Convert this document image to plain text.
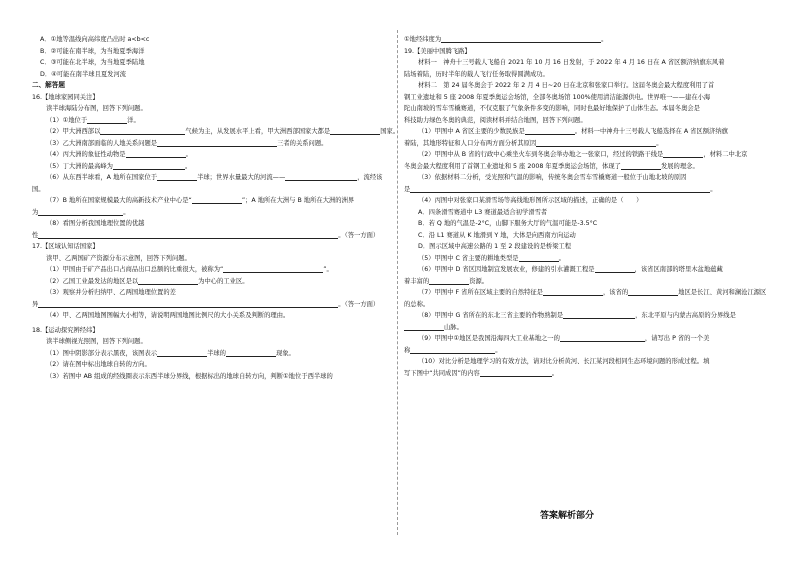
A．①地等温线向高纬度凸出时 a<b<c
B．②可能在南半球，为当地夏季海洋
C．③可能在北半球，为当地夏季陆地
D．④可能在南半球且夏发河流
二、解答题
16.【地球家园同关注】
读半球海陆分布图，回答下列问题。
（1）①地位于	洋。
（2）甲大洲西部以	气候为主，从发展水平上看，甲大洲西部国家大都是	国家。
（3）乙大洲南部面临的人地关系问题是	三者的关系问题。
（4）丙大洲的象征性动物是	。
（5）丁大洲的最高峰为	。
（6）从东西半球看，A 地所在国家位于	半球；世界水量最大的河流——	，流经该
国。
（7）B 地所在国家规模最大的高新技术产业中心是“	”；A 地所在大洲与 B 地所在大洲的洲界
为	。
（8）看图分析我国地理位置的优越
性	。（答一方面）
17.【区域认知话国家】
读甲、乙两国矿产资源分布示意图，回答下列问题。
（1）甲国由于矿产品出口占商品出口总额的比重很大，被称为“	”。
（2）乙国工业最发达的地区是以	为中心的工业区。
（3）观察并分析归纳甲、乙两国地理位置的差
异	。（答一方面）
（4）甲、乙两国地图图幅大小相等，请说明两国地图比例尺的大小关系及判断的理由。
18.【运动探究辨经纬】
读半球侧视光照图，回答下列问题。
（1）图中阴影部分表示黑夜，该图表示	半球的	现象。
（2）请在图中标出地球自转的方向。
（3）若图中 AB 组成的经线圈表示东西半球分界线，根据标出的地球自转方向，判断①地位于西半球的
①地经纬度为	。
19.【美丽中国腾飞路】
材料一　神舟十三号载人飞船自 2021 年 10 月 16 日发射，于 2022 年 4 月 16 日在 A 省区额济纳旗东风着
陆场着陆，历时半年的载人飞行任务取得圆满成功。
材料二　第 24 届冬奥会于 2022 年 2 月 4 日~20 日在北京和张家口举行。这届冬奥会最大程度利用了首
钢工业遗址和 5 座 2008 年夏季奥运会场馆，全部冬奥场馆 100%使用清洁能源供电。世界唯一——建在小海
陀山南坡的雪车雪橇赛道，不仅克服了气象条件多变的影响，同时也最好地保护了山体生态。本届冬奥会是
科技助力绿色冬奥的典范，阅读材料并结合地图，回答下列问题。
（1）甲图中 A 省区主要的少数民族是	。材料一中神舟十三号载人飞船选择在 A 省区额济纳旗
着陆，其地形特征和人口分布两方面分析其原因	。
（2）甲图中从 B 省的行政中心乘坐火车到冬奥会举办地之一张家口，经过的铁路干线是	，材料二中北京
冬奥会最大程度利用了首钢工业遗址和 5 座 2008 年夏季奥运会场馆，体现了	发展的理念。
（3）依据材料二分析，受光照和气温的影响，传统冬奥会雪车雪橇赛道一般位于山地北坡的原因
是	。
（4）丙图中对张家口某滑雪场等高线地形图所示区域的描述，正确的是（　　）
A．四条滑雪赛道中 L3 赛道最适合初学滑雪者
B．若 Q 地的气温是-2°C，山脚下服务大厅的气温可能是-3.5°C
C．沿 L1 赛道从 K 地滑到 Y 地，大体是向西南方向运动
D．图示区域中高速公路的 1 至 2 段建设的是桥梁工程
（5）甲图中 C 省主要的耕地类型是	。
（6）甲图中 D 省区因地制宜发展农业，修建的引水灌溉工程是	，该省区南部的塔里木盆地蕴藏
着丰富的	资源。
（7）甲图中 F 省所在区域主要的自然特征是	，该省的	地区是长江、黄河和澜沧江源区
的总称。
（8）甲图中 G 省所在的东北三省主要的作物熟制是	，东北平原与内蒙古高原的分界线是
山脉。
（9）甲图中①地区是我国沿海四大工业基地之一的	，请写出 P 省的一个美
称	。
（10）对比分析是地理学习的有效方法，请对比分析黄河、长江某河段相同生态环境问题的形成过程。填
写下图中“共同成因”的内容	。
答案解析部分
